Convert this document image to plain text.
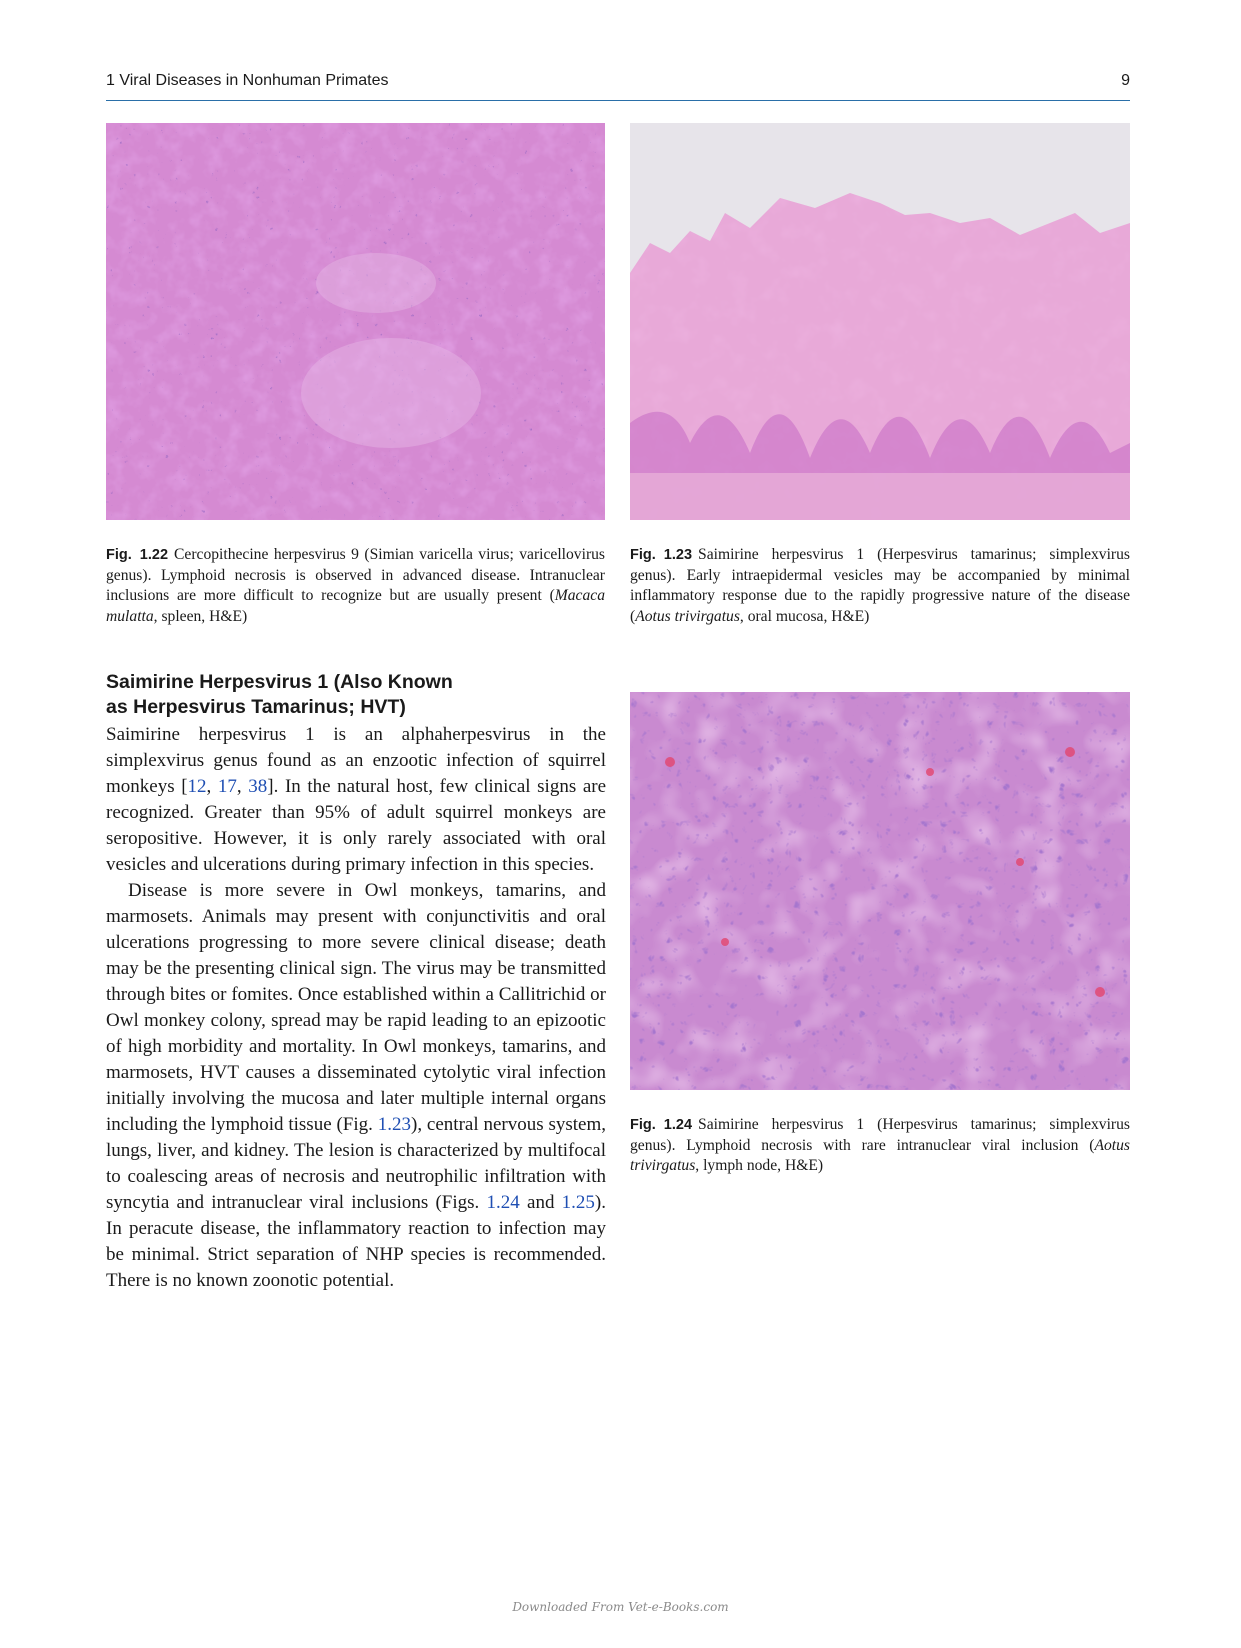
1 Viral Diseases in Nonhuman Primates	9
Fig. 1.22 Cercopithecine herpesvirus 9 (Simian varicella virus; varicellovirus genus). Lymphoid necrosis is observed in advanced disease. Intranuclear inclusions are more difficult to recognize but are usually present (Macaca mulatta, spleen, H&E)
Fig. 1.23 Saimirine herpesvirus 1 (Herpesvirus tamarinus; simplexvirus genus). Early intraepidermal vesicles may be accompanied by minimal inflammatory response due to the rapidly progressive nature of the disease (Aotus trivirgatus, oral mucosa, H&E)
Saimirine Herpesvirus 1 (Also Known
as Herpesvirus Tamarinus; HVT)

Saimirine herpesvirus 1 is an alphaherpesvirus in the simplexvirus genus found as an enzootic infection of squirrel monkeys [12, 17, 38]. In the natural host, few clinical signs are recognized. Greater than 95% of adult squirrel monkeys are seropositive. However, it is only rarely associated with oral vesicles and ulcerations during primary infection in this species.

Disease is more severe in Owl monkeys, tamarins, and marmosets. Animals may present with conjunctivitis and oral ulcerations progressing to more severe clinical disease; death may be the presenting clinical sign. The virus may be transmitted through bites or fomites. Once established within a Callitrichid or Owl monkey colony, spread may be rapid leading to an epizootic of high morbidity and mortality. In Owl monkeys, tamarins, and marmosets, HVT causes a disseminated cytolytic viral infection initially involving the mucosa and later multiple internal organs including the lymphoid tissue (Fig. 1.23), central nervous system, lungs, liver, and kidney. The lesion is characterized by multifocal to coalescing areas of necrosis and neutrophilic infiltration with syncytia and intranuclear viral inclusions (Figs. 1.24 and 1.25). In peracute disease, the inflammatory reaction to infection may be minimal. Strict separation of NHP species is recommended. There is no known zoonotic potential.

Fig. 1.24 Saimirine herpesvirus 1 (Herpesvirus tamarinus; simplexvirus genus). Lymphoid necrosis with rare intranuclear viral inclusion (Aotus trivirgatus, lymph node, H&E)
Downloaded From Vet-e-Books.com
